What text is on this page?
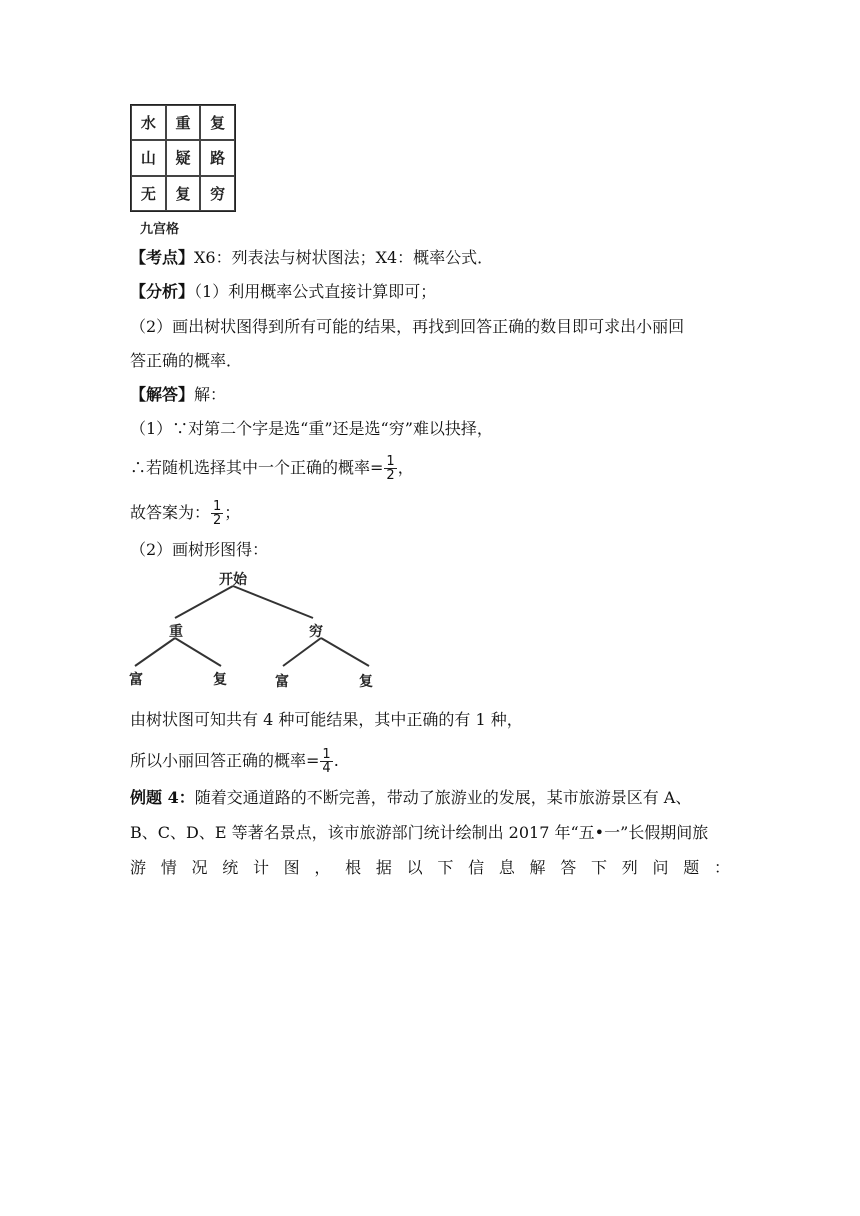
水	重	复
山	疑	路
无	复	穷
九宫格
【考点】X6：列表法与树状图法；X4：概率公式．
【分析】（1）利用概率公式直接计算即可；
（2）画出树状图得到所有可能的结果，再找到回答正确的数目即可求出小丽回
答正确的概率．
【解答】解：
（1）∵对第二个字是选“重”还是选“穷”难以抉择，
∴若随机选择其中一个正确的概率= $\frac{1}{2}$ ，
故答案为： $\frac{1}{2}$ ；
（2）画树形图得：
开始
重	穷
富	复	富	复
由树状图可知共有 4 种可能结果，其中正确的有 1 种，
所以小丽回答正确的概率= $\frac{1}{4}$ .
例题 4：随着交通道路的不断完善，带动了旅游业的发展，某市旅游景区有 A、
B、C、D、E 等著名景点，该市旅游部门统计绘制出 2017 年“五•一”长假期间旅
游 情 况 统 计 图 ， 根 据 以 下 信 息 解 答 下 列 问 题 ：
